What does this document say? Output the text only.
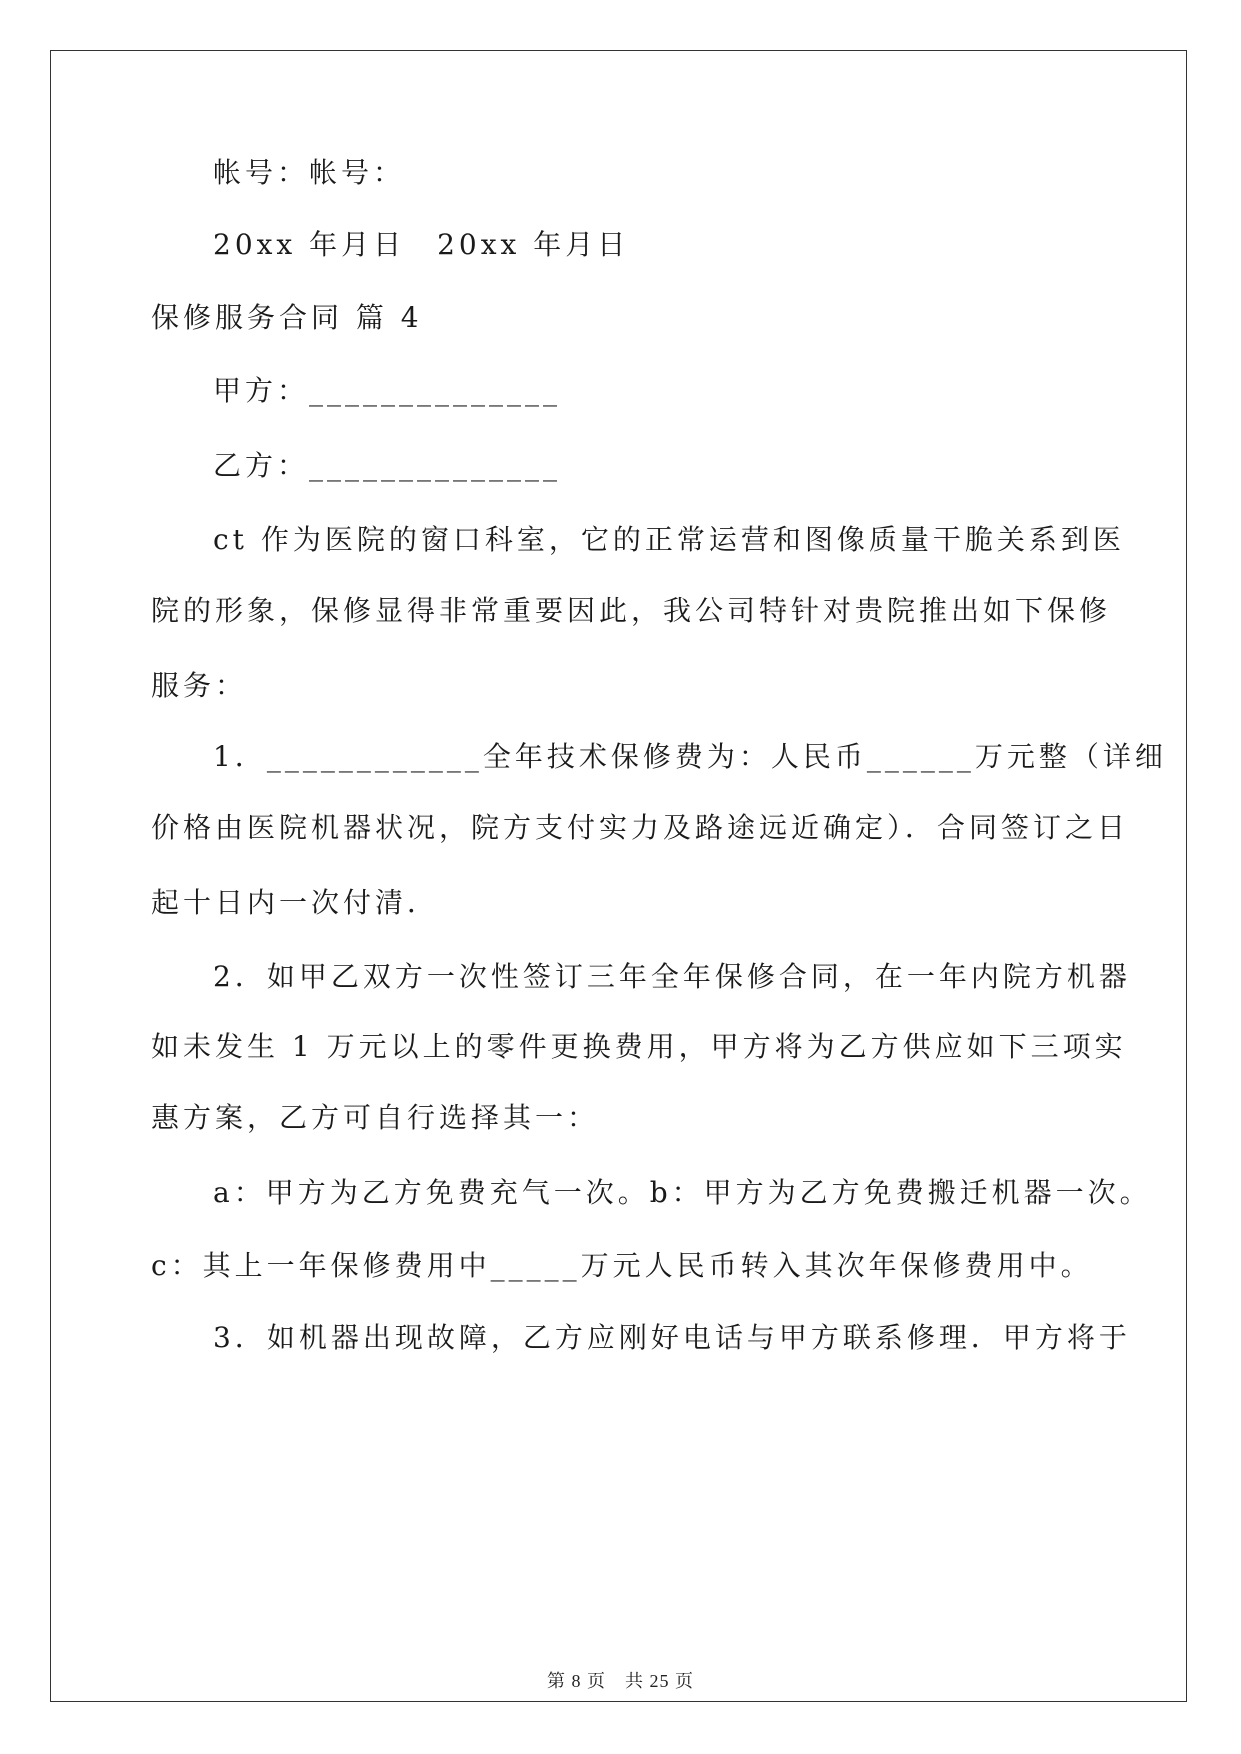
帐号：帐号：
20xx 年月日　20xx 年月日
保修服务合同 篇 4
甲方：______________
乙方：______________
ct 作为医院的窗口科室，它的正常运营和图像质量干脆关系到医
院的形象，保修显得非常重要因此，我公司特针对贵院推出如下保修
服务：
1．____________全年技术保修费为：人民币______万元整（详细
价格由医院机器状况，院方支付实力及路途远近确定）．合同签订之日
起十日内一次付清．
2．如甲乙双方一次性签订三年全年保修合同，在一年内院方机器
如未发生 1 万元以上的零件更换费用，甲方将为乙方供应如下三项实
惠方案，乙方可自行选择其一：
a：甲方为乙方免费充气一次。b：甲方为乙方免费搬迁机器一次。
c：其上一年保修费用中_____万元人民币转入其次年保修费用中。
3．如机器出现故障，乙方应刚好电话与甲方联系修理．甲方将于
第 8 页　共 25 页
